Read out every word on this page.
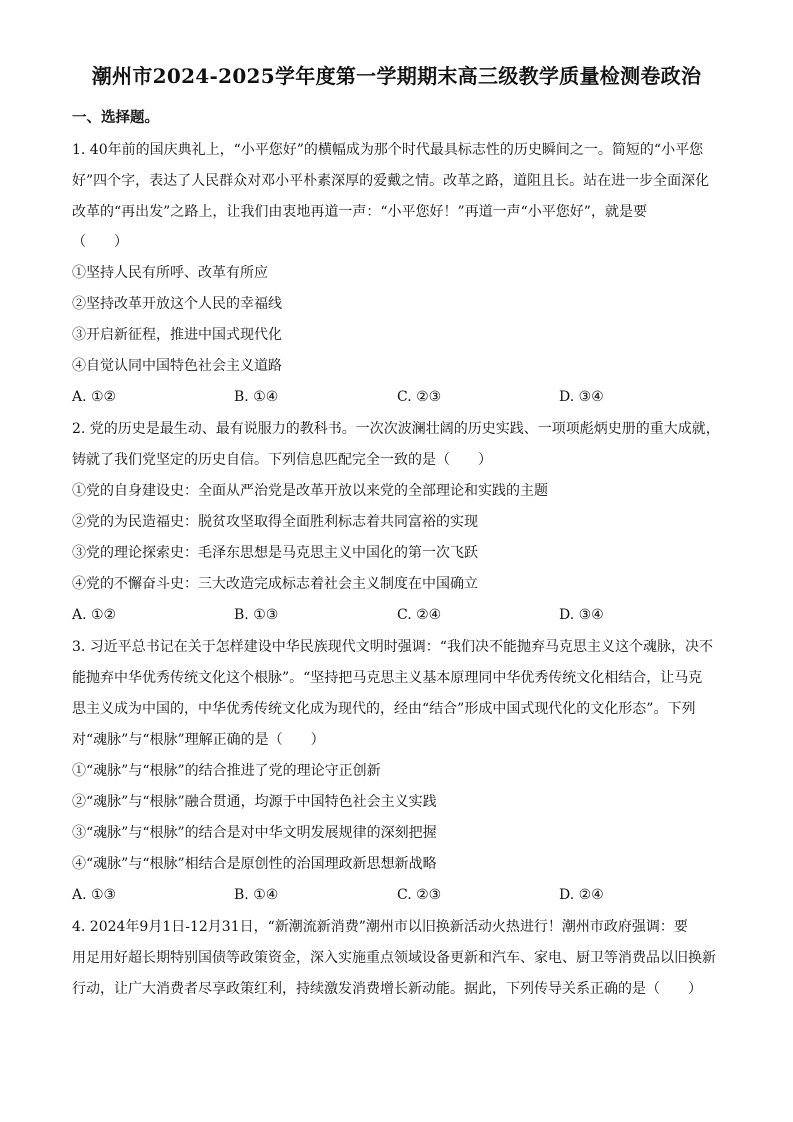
潮州市2024-2025学年度第一学期期末高三级教学质量检测卷政治
一、选择题。
1. 40年前的国庆典礼上，“小平您好”的横幅成为那个时代最具标志性的历史瞬间之一。简短的“小平您
好”四个字，表达了人民群众对邓小平朴素深厚的爱戴之情。改革之路，道阻且长。站在进一步全面深化
改革的“再出发”之路上，让我们由衷地再道一声：“小平您好！”再道一声“小平您好”，就是要
（　　）
①坚持人民有所呼、改革有所应
②坚持改革开放这个人民的幸福线
③开启新征程，推进中国式现代化
④自觉认同中国特色社会主义道路
A. ①②	B. ①④	C. ②③	D. ③④
2. 党的历史是最生动、最有说服力的教科书。一次次波澜壮阔的历史实践、一项项彪炳史册的重大成就，
铸就了我们党坚定的历史自信。下列信息匹配完全一致的是（　　）
①党的自身建设史：全面从严治党是改革开放以来党的全部理论和实践的主题
②党的为民造福史：脱贫攻坚取得全面胜利标志着共同富裕的实现
③党的理论探索史：毛泽东思想是马克思主义中国化的第一次飞跃
④党的不懈奋斗史：三大改造完成标志着社会主义制度在中国确立
A. ①②	B. ①③	C. ②④	D. ③④
3. 习近平总书记在关于怎样建设中华民族现代文明时强调：“我们决不能抛弃马克思主义这个魂脉，决不
能抛弃中华优秀传统文化这个根脉”。“坚持把马克思主义基本原理同中华优秀传统文化相结合，让马克
思主义成为中国的，中华优秀传统文化成为现代的，经由“结合”形成中国式现代化的文化形态”。下列
对“魂脉”与“根脉”理解正确的是（　　）
①“魂脉”与“根脉”的结合推进了党的理论守正创新
②“魂脉”与“根脉”融合贯通，均源于中国特色社会主义实践
③“魂脉”与“根脉”的结合是对中华文明发展规律的深刻把握
④“魂脉”与“根脉”相结合是原创性的治国理政新思想新战略
A. ①③	B. ①④	C. ②③	D. ②④
4. 2024年9月1日-12月31日，“新潮流新消费”潮州市以旧换新活动火热进行！潮州市政府强调：要
用足用好超长期特别国债等政策资金，深入实施重点领域设备更新和汽车、家电、厨卫等消费品以旧换新
行动，让广大消费者尽享政策红利，持续激发消费增长新动能。据此，下列传导关系正确的是（　　）
